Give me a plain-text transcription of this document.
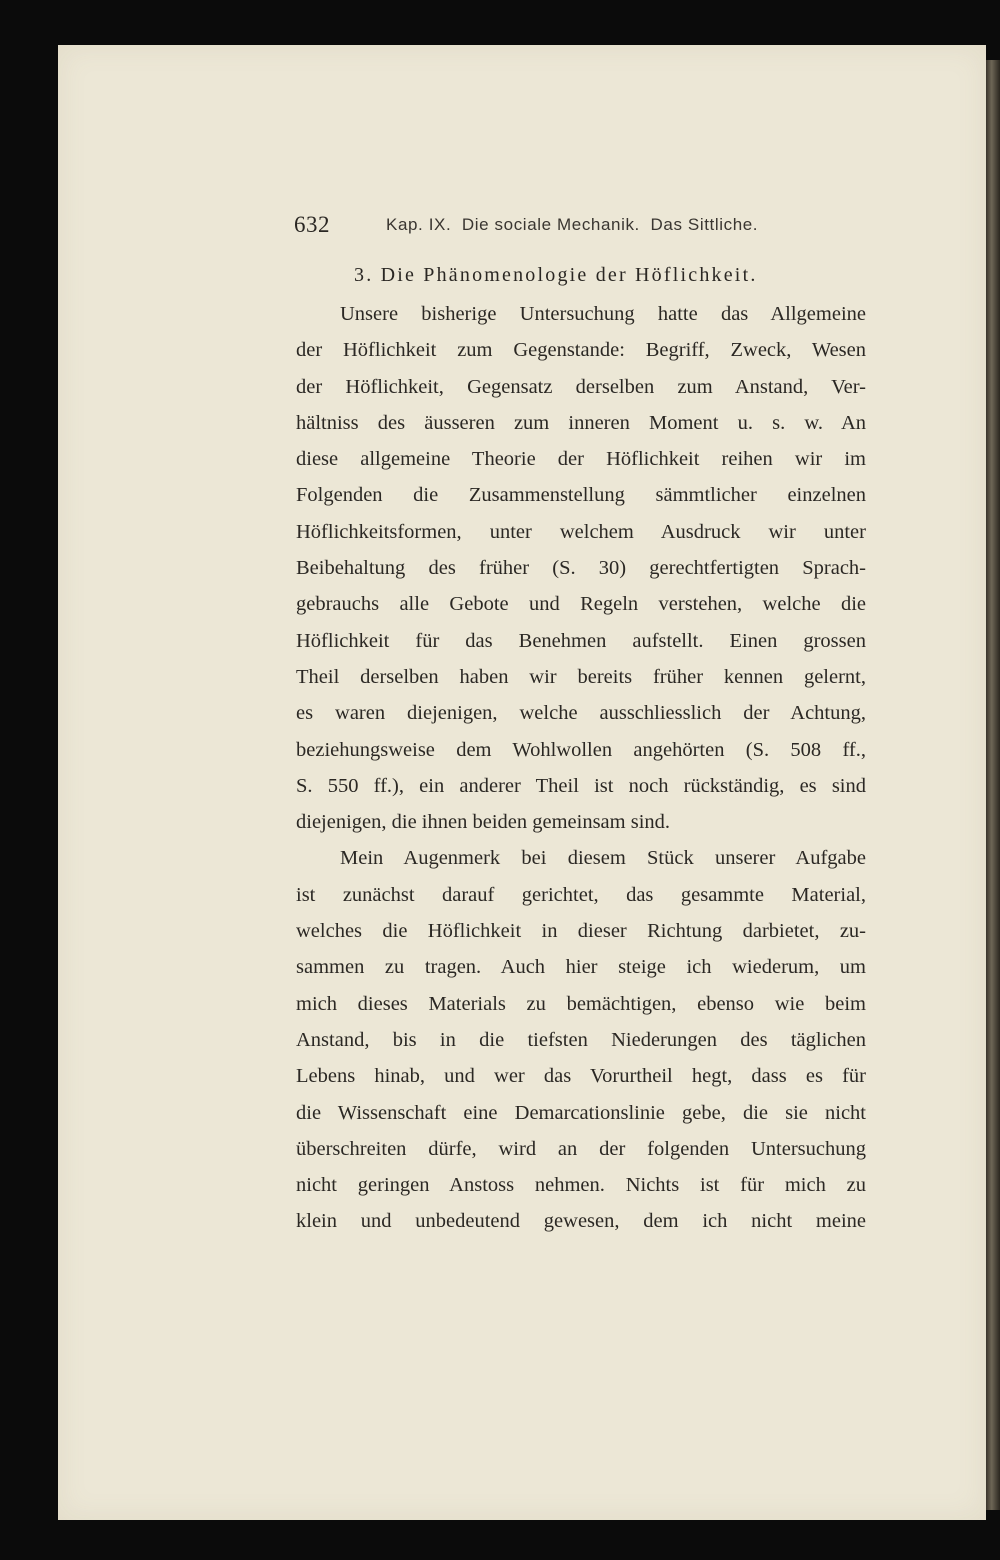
632	Kap. IX.  Die sociale Mechanik.  Das Sittliche.
3. Die Phänomenologie der Höflichkeit.
Unsere bisherige Untersuchung hatte das Allgemeine
der Höflichkeit zum Gegenstande: Begriff, Zweck, Wesen
der Höflichkeit, Gegensatz derselben zum Anstand, Ver-
hältniss des äusseren zum inneren Moment u. s. w. An
diese allgemeine Theorie der Höflichkeit reihen wir im
Folgenden die Zusammenstellung sämmtlicher einzelnen
Höflichkeitsformen, unter welchem Ausdruck wir unter
Beibehaltung des früher (S. 30) gerechtfertigten Sprach-
gebrauchs alle Gebote und Regeln verstehen, welche die
Höflichkeit für das Benehmen aufstellt. Einen grossen
Theil derselben haben wir bereits früher kennen gelernt,
es waren diejenigen, welche ausschliesslich der Achtung,
beziehungsweise dem Wohlwollen angehörten (S. 508 ff.,
S. 550 ff.), ein anderer Theil ist noch rückständig, es sind
diejenigen, die ihnen beiden gemeinsam sind.
Mein Augenmerk bei diesem Stück unserer Aufgabe
ist zunächst darauf gerichtet, das gesammte Material,
welches die Höflichkeit in dieser Richtung darbietet, zu-
sammen zu tragen. Auch hier steige ich wiederum, um
mich dieses Materials zu bemächtigen, ebenso wie beim
Anstand, bis in die tiefsten Niederungen des täglichen
Lebens hinab, und wer das Vorurtheil hegt, dass es für
die Wissenschaft eine Demarcationslinie gebe, die sie nicht
überschreiten dürfe, wird an der folgenden Untersuchung
nicht geringen Anstoss nehmen. Nichts ist für mich zu
klein und unbedeutend gewesen, dem ich nicht meine
